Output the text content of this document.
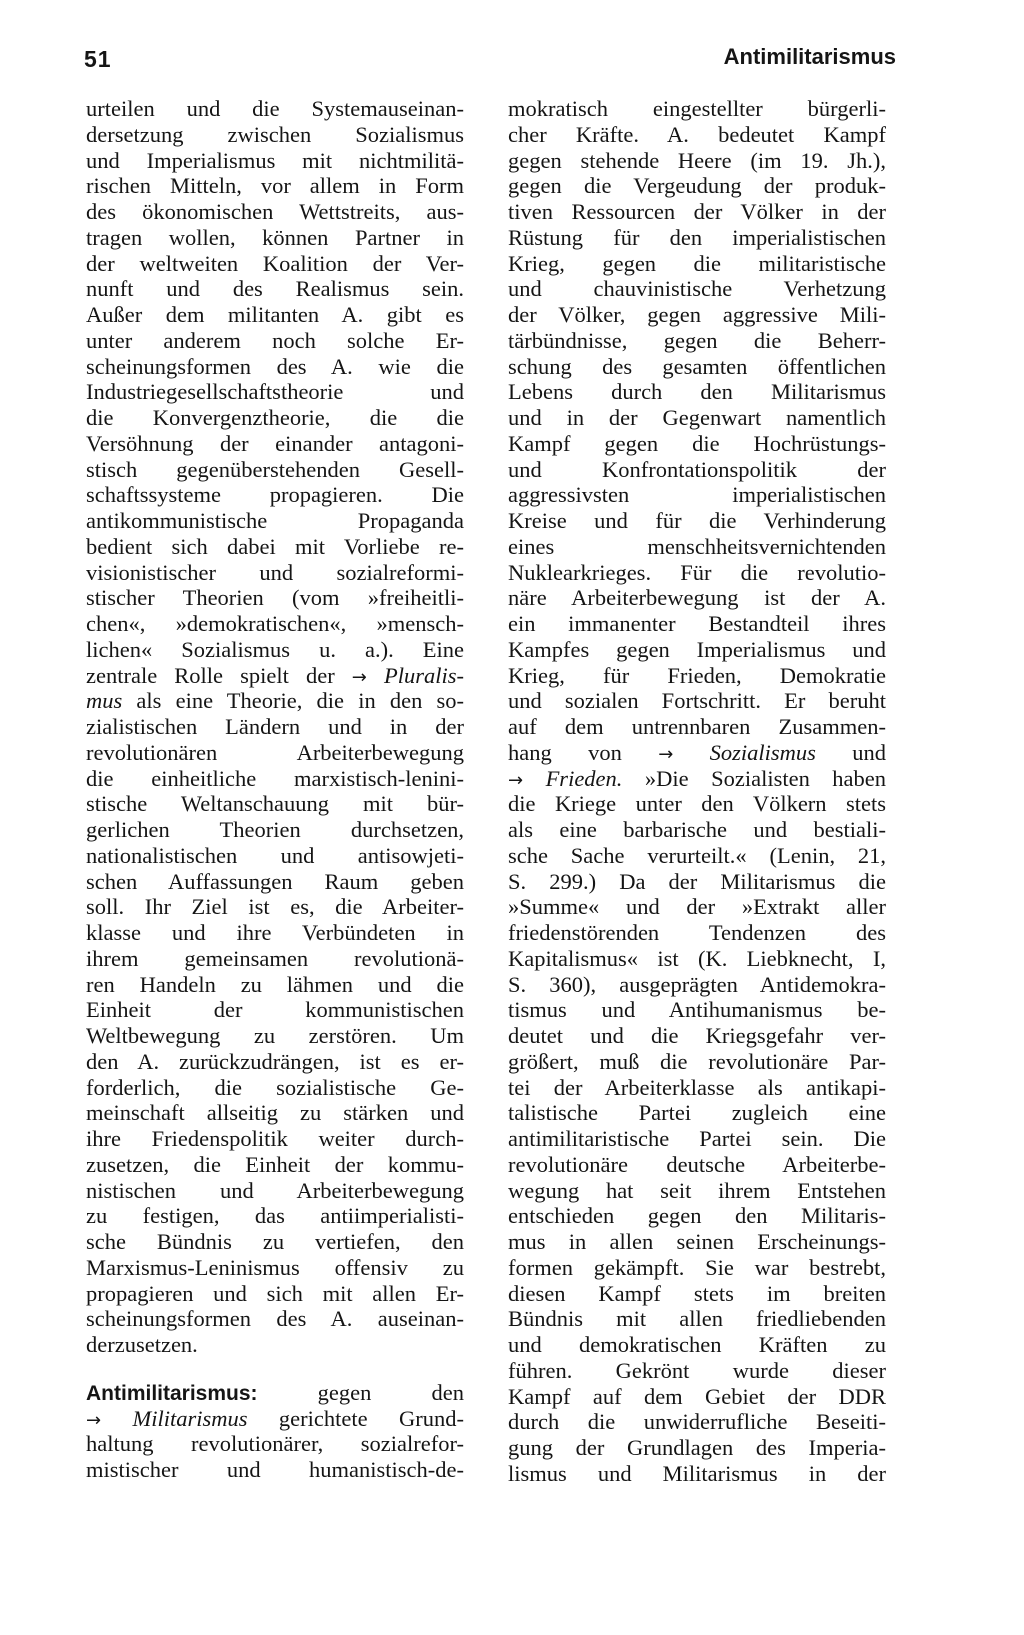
51	Antimilitarismus
urteilen und die Systemauseinan-
dersetzung zwischen Sozialismus
und Imperialismus mit nichtmilitä-
rischen Mitteln, vor allem in Form
des ökonomischen Wettstreits, aus-
tragen wollen, können Partner in
der weltweiten Koalition der Ver-
nunft und des Realismus sein.
Außer dem militanten A. gibt es
unter anderem noch solche Er-
scheinungsformen des A. wie die
Industriegesellschaftstheorie und
die Konvergenztheorie, die die
Versöhnung der einander antagoni-
stisch gegenüberstehenden Gesell-
schaftssysteme propagieren. Die
antikommunistische Propaganda
bedient sich dabei mit Vorliebe re-
visionistischer und sozialreformi-
stischer Theorien (vom »freiheitli-
chen«, »demokratischen«, »mensch-
lichen« Sozialismus u. a.). Eine
zentrale Rolle spielt der → Pluralis-
mus als eine Theorie, die in den so-
zialistischen Ländern und in der
revolutionären Arbeiterbewegung
die einheitliche marxistisch-lenini-
stische Weltanschauung mit bür-
gerlichen Theorien durchsetzen,
nationalistischen und antisowjeti-
schen Auffassungen Raum geben
soll. Ihr Ziel ist es, die Arbeiter-
klasse und ihre Verbündeten in
ihrem gemeinsamen revolutionä-
ren Handeln zu lähmen und die
Einheit der kommunistischen
Weltbewegung zu zerstören. Um
den A. zurückzudrängen, ist es er-
forderlich, die sozialistische Ge-
meinschaft allseitig zu stärken und
ihre Friedenspolitik weiter durch-
zusetzen, die Einheit der kommu-
nistischen und Arbeiterbewegung
zu festigen, das antiimperialisti-
sche Bündnis zu vertiefen, den
Marxismus-Leninismus offensiv zu
propagieren und sich mit allen Er-
scheinungsformen des A. auseinan-
derzusetzen.
Antimilitarismus: gegen den
→ Militarismus gerichtete Grund-
haltung revolutionärer, sozialrefor-
mistischer und humanistisch-de-
mokratisch eingestellter bürgerli-
cher Kräfte. A. bedeutet Kampf
gegen stehende Heere (im 19. Jh.),
gegen die Vergeudung der produk-
tiven Ressourcen der Völker in der
Rüstung für den imperialistischen
Krieg, gegen die militaristische
und chauvinistische Verhetzung
der Völker, gegen aggressive Mili-
tärbündnisse, gegen die Beherr-
schung des gesamten öffentlichen
Lebens durch den Militarismus
und in der Gegenwart namentlich
Kampf gegen die Hochrüstungs-
und Konfrontationspolitik der
aggressivsten imperialistischen
Kreise und für die Verhinderung
eines menschheitsvernichtenden
Nuklearkrieges. Für die revolutio-
näre Arbeiterbewegung ist der A.
ein immanenter Bestandteil ihres
Kampfes gegen Imperialismus und
Krieg, für Frieden, Demokratie
und sozialen Fortschritt. Er beruht
auf dem untrennbaren Zusammen-
hang von → Sozialismus und
→ Frieden. »Die Sozialisten haben
die Kriege unter den Völkern stets
als eine barbarische und bestiali-
sche Sache verurteilt.« (Lenin, 21,
S. 299.) Da der Militarismus die
»Summe« und der »Extrakt aller
friedenstörenden Tendenzen des
Kapitalismus« ist (K. Liebknecht, I,
S. 360), ausgeprägten Antidemokra-
tismus und Antihumanismus be-
deutet und die Kriegsgefahr ver-
größert, muß die revolutionäre Par-
tei der Arbeiterklasse als antikapi-
talistische Partei zugleich eine
antimilitaristische Partei sein. Die
revolutionäre deutsche Arbeiterbe-
wegung hat seit ihrem Entstehen
entschieden gegen den Militaris-
mus in allen seinen Erscheinungs-
formen gekämpft. Sie war bestrebt,
diesen Kampf stets im breiten
Bündnis mit allen friedliebenden
und demokratischen Kräften zu
führen. Gekrönt wurde dieser
Kampf auf dem Gebiet der DDR
durch die unwiderrufliche Beseiti-
gung der Grundlagen des Imperia-
lismus und Militarismus in der
